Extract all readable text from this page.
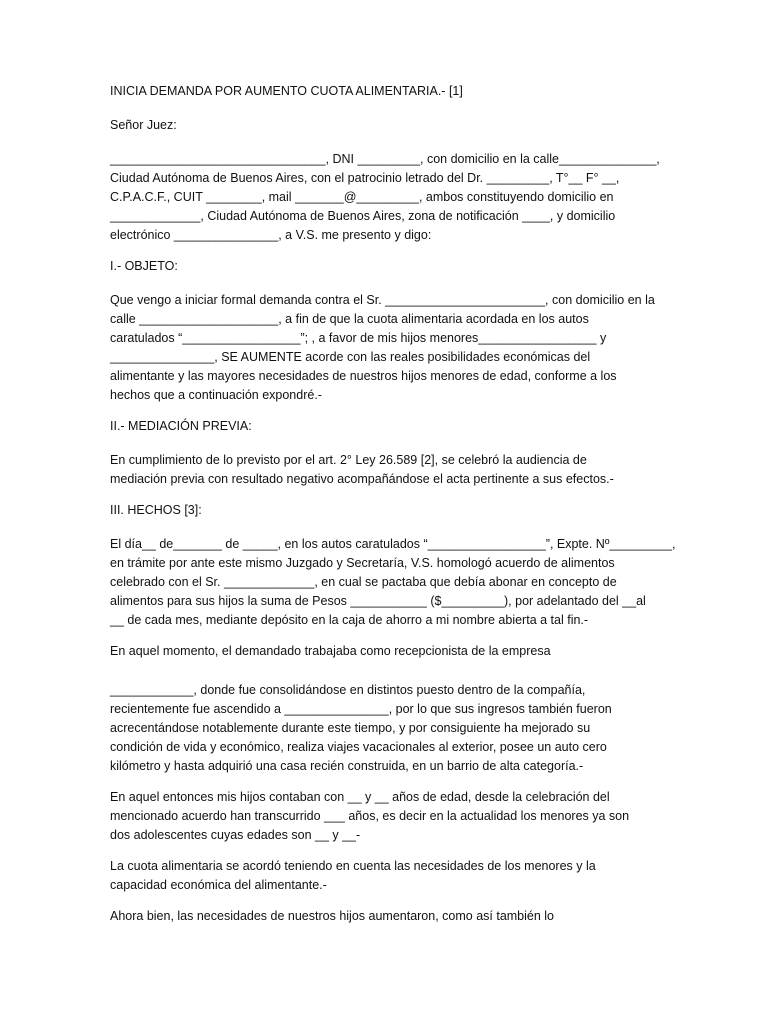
INICIA DEMANDA POR AUMENTO CUOTA ALIMENTARIA.- [1]

Señor Juez:

_______________________________, DNI _________, con domicilio en la calle______________,
Ciudad Autónoma de Buenos Aires, con el patrocinio letrado del Dr. _________, T°__ F° __,
C.P.A.C.F., CUIT ________, mail _______@_________, ambos constituyendo domicilio en
_____________, Ciudad Autónoma de Buenos Aires, zona de notificación ____, y domicilio
electrónico _______________, a V.S. me presento y digo:

I.- OBJETO:

Que vengo a iniciar formal demanda contra el Sr. _______________________, con domicilio en la
calle ____________________, a fin de que la cuota alimentaria acordada en los autos
caratulados “_________________”; , a favor de mis hijos menores_________________ y
_______________, SE AUMENTE acorde con las reales posibilidades económicas del
alimentante y las mayores necesidades de nuestros hijos menores de edad, conforme a los
hechos que a continuación expondré.-

II.- MEDIACIÓN PREVIA:

En cumplimiento de lo previsto por el art. 2° Ley 26.589 [2], se celebró la audiencia de
mediación previa con resultado negativo acompañándose el acta pertinente a sus efectos.-

III. HECHOS [3]:

El día__ de_______ de _____, en los autos caratulados “_________________”, Expte. Nº_________,
en trámite por ante este mismo Juzgado y Secretaría, V.S. homologó acuerdo de alimentos
celebrado con el Sr. _____________, en cual se pactaba que debía abonar en concepto de
alimentos para sus hijos la suma de Pesos ___________ ($_________), por adelantado del __al
__ de cada mes, mediante depósito en la caja de ahorro a mi nombre abierta a tal fin.-

En aquel momento, el demandado trabajaba como recepcionista de la empresa

____________, donde fue consolidándose en distintos puesto dentro de la compañía,
recientemente fue ascendido a _______________, por lo que sus ingresos también fueron
acrecentándose notablemente durante este tiempo, y por consiguiente ha mejorado su
condición de vida y económico, realiza viajes vacacionales al exterior, posee un auto cero
kilómetro y hasta adquirió una casa recién construida, en un barrio de alta categoría.-

En aquel entonces mis hijos contaban con __ y __ años de edad, desde la celebración del
mencionado acuerdo han transcurrido ___ años, es decir en la actualidad los menores ya son
dos adolescentes cuyas edades son __ y __-

La cuota alimentaria se acordó teniendo en cuenta las necesidades de los menores y la
capacidad económica del alimentante.-

Ahora bien, las necesidades de nuestros hijos aumentaron, como así también lo
